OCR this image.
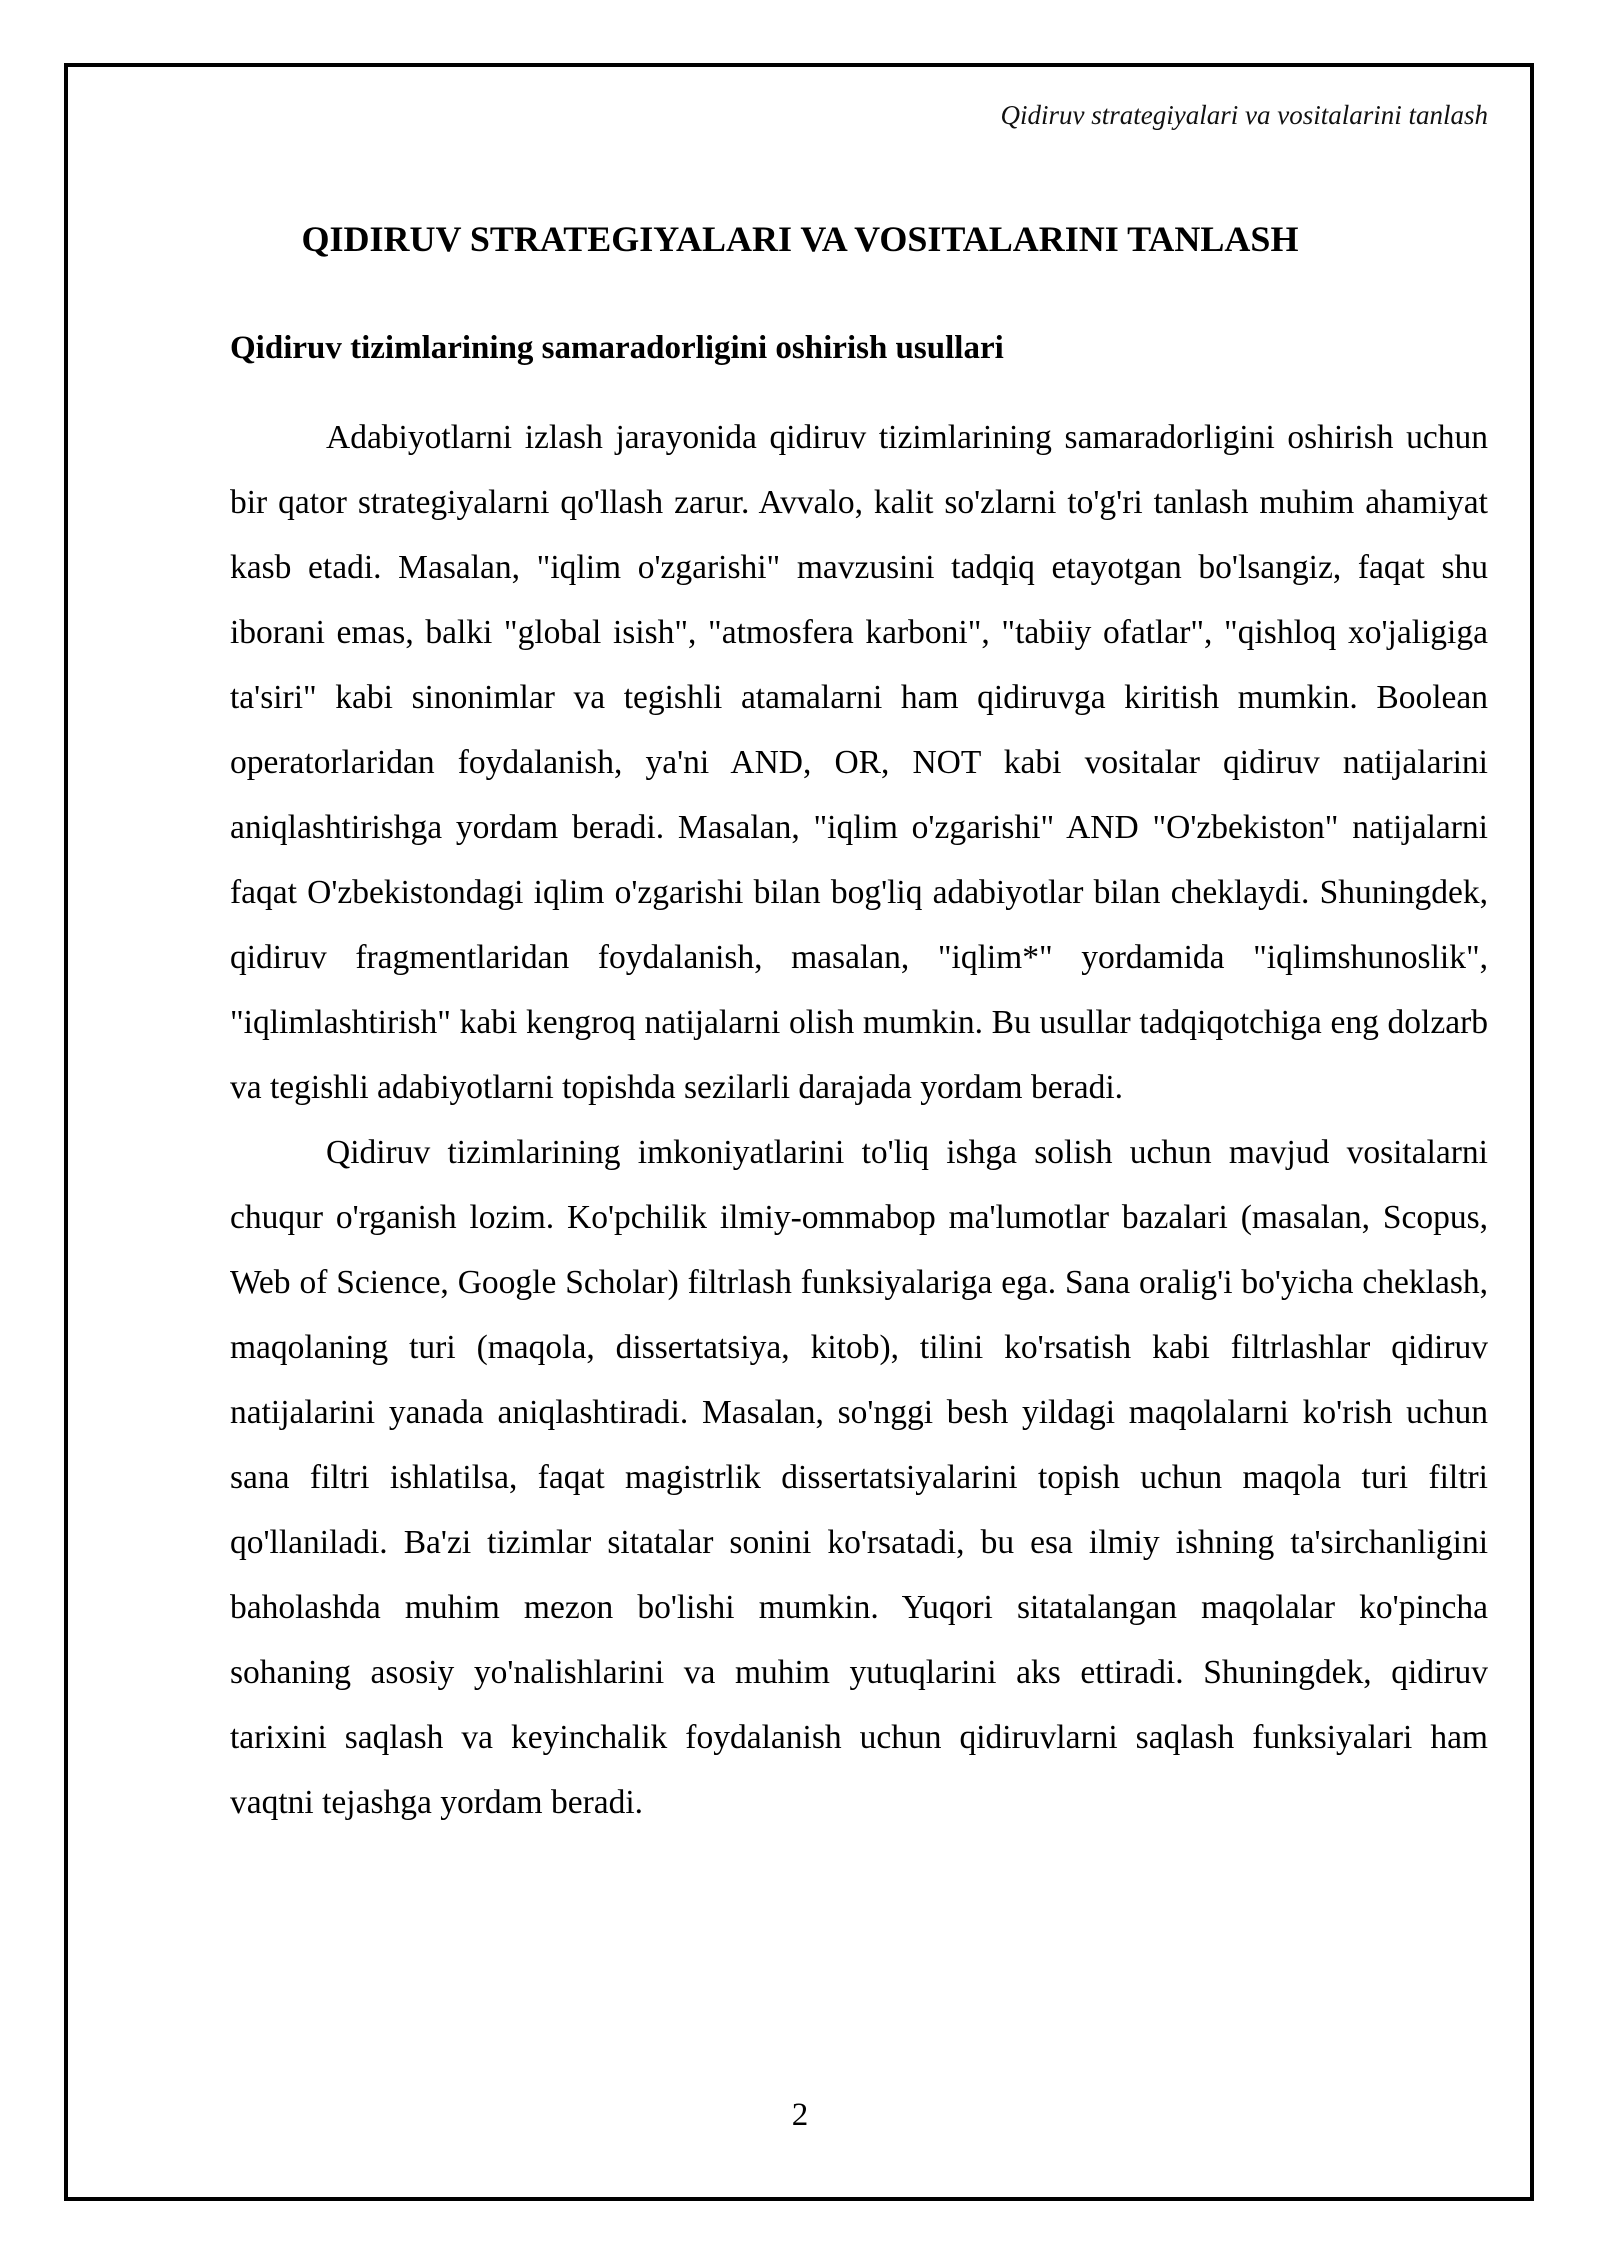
Qidiruv strategiyalari va vositalarini tanlash
QIDIRUV STRATEGIYALARI VA VOSITALARINI TANLASH
Qidiruv tizimlarining samaradorligini oshirish usullari

Adabiyotlarni izlash jarayonida qidiruv tizimlarining samaradorligini oshirish uchun bir qator strategiyalarni qo'llash zarur. Avvalo, kalit so'zlarni to'g'ri tanlash muhim ahamiyat kasb etadi. Masalan, "iqlim o'zgarishi" mavzusini tadqiq etayotgan bo'lsangiz, faqat shu iborani emas, balki "global isish", "atmosfera karboni", "tabiiy ofatlar", "qishloq xo'jaligiga ta'siri" kabi sinonimlar va tegishli atamalarni ham qidiruvga kiritish mumkin. Boolean operatorlaridan foydalanish, ya'ni AND, OR, NOT kabi vositalar qidiruv natijalarini aniqlashtirishga yordam beradi. Masalan, "iqlim o'zgarishi" AND "O'zbekiston" natijalarni faqat O'zbekistondagi iqlim o'zgarishi bilan bog'liq adabiyotlar bilan cheklaydi. Shuningdek, qidiruv fragmentlaridan foydalanish, masalan, "iqlim*" yordamida "iqlimshunoslik", "iqlimlashtirish" kabi kengroq natijalarni olish mumkin. Bu usullar tadqiqotchiga eng dolzarb va tegishli adabiyotlarni topishda sezilarli darajada yordam beradi.

Qidiruv tizimlarining imkoniyatlarini to'liq ishga solish uchun mavjud vositalarni chuqur o'rganish lozim. Ko'pchilik ilmiy-ommabop ma'lumotlar bazalari (masalan, Scopus, Web of Science, Google Scholar) filtrlash funksiyalariga ega. Sana oralig'i bo'yicha cheklash, maqolaning turi (maqola, dissertatsiya, kitob), tilini ko'rsatish kabi filtrlashlar qidiruv natijalarini yanada aniqlashtiradi. Masalan, so'nggi besh yildagi maqolalarni ko'rish uchun sana filtri ishlatilsa, faqat magistrlik dissertatsiyalarini topish uchun maqola turi filtri qo'llaniladi. Ba'zi tizimlar sitatalar sonini ko'rsatadi, bu esa ilmiy ishning ta'sirchanligini baholashda muhim mezon bo'lishi mumkin. Yuqori sitatalangan maqolalar ko'pincha sohaning asosiy yo'nalishlarini va muhim yutuqlarini aks ettiradi. Shuningdek, qidiruv tarixini saqlash va keyinchalik foydalanish uchun qidiruvlarni saqlash funksiyalari ham vaqtni tejashga yordam beradi.

2
